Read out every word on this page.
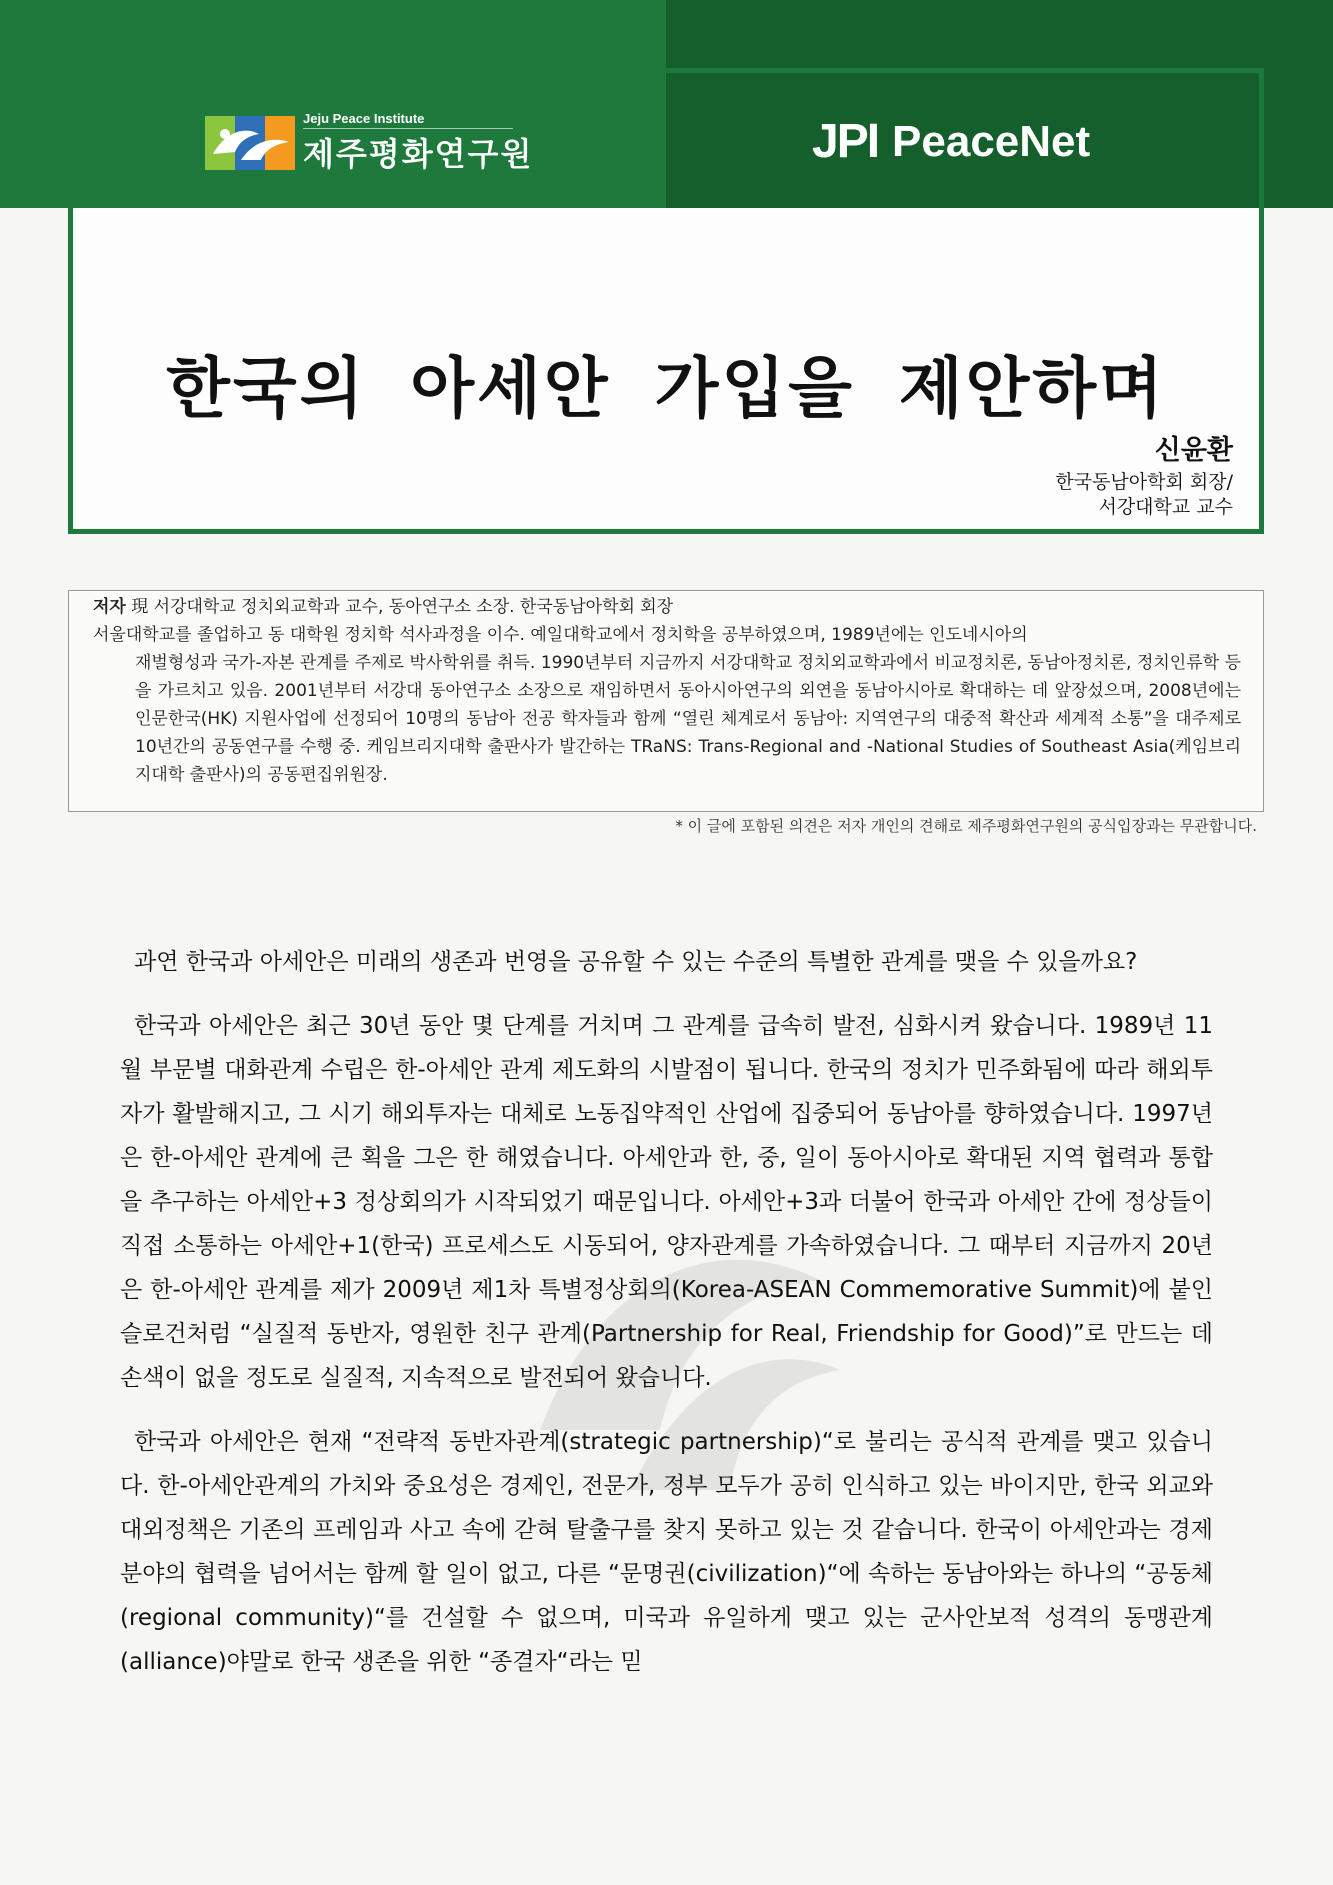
Jeju Peace Institute
제주평화연구원	JPI PeaceNet
한국의 아세안 가입을 제안하며
신윤환
한국동남아학회 회장/
서강대학교 교수
저자 現 서강대학교 정치외교학과 교수, 동아연구소 소장. 한국동남아학회 회장
서울대학교를 졸업하고 동 대학원 정치학 석사과정을 이수. 예일대학교에서 정치학을 공부하였으며, 1989년에는 인도네시아의
재벌형성과 국가-자본 관계를 주제로 박사학위를 취득. 1990년부터 지금까지 서강대학교 정치외교학과에서 비교정치론, 동남아정치론, 정치인류학 등을 가르치고 있음. 2001년부터 서강대 동아연구소 소장으로 재임하면서 동아시아연구의 외연을 동남아시아로 확대하는 데 앞장섰으며, 2008년에는 인문한국(HK) 지원사업에 선정되어 10명의 동남아 전공 학자들과 함께 “열린 체계로서 동남아: 지역연구의 대중적 확산과 세계적 소통”을 대주제로 10년간의 공동연구를 수행 중. 케임브리지대학 출판사가 발간하는 TRaNS: Trans-Regional and -National Studies of Southeast Asia(케임브리지대학 출판사)의 공동편집위원장.
* 이 글에 포함된 의견은 저자 개인의 견해로 제주평화연구원의 공식입장과는 무관합니다.

과연 한국과 아세안은 미래의 생존과 번영을 공유할 수 있는 수준의 특별한 관계를 맺을 수 있을까요?

한국과 아세안은 최근 30년 동안 몇 단계를 거치며 그 관계를 급속히 발전, 심화시켜 왔습니다. 1989년 11월 부문별 대화관계 수립은 한-아세안 관계 제도화의 시발점이 됩니다. 한국의 정치가 민주화됨에 따라 해외투자가 활발해지고, 그 시기 해외투자는 대체로 노동집약적인 산업에 집중되어 동남아를 향하였습니다. 1997년은 한-아세안 관계에 큰 획을 그은 한 해였습니다. 아세안과 한, 중, 일이 동아시아로 확대된 지역 협력과 통합을 추구하는 아세안+3 정상회의가 시작되었기 때문입니다. 아세안+3과 더불어 한국과 아세안 간에 정상들이 직접 소통하는 아세안+1(한국) 프로세스도 시동되어, 양자관계를 가속하였습니다. 그 때부터 지금까지 20년은 한-아세안 관계를 제가 2009년 제1차 특별정상회의(Korea-ASEAN Commemorative Summit)에 붙인 슬로건처럼 “실질적 동반자, 영원한 친구 관계(Partnership for Real, Friendship for Good)”로 만드는 데 손색이 없을 정도로 실질적, 지속적으로 발전되어 왔습니다.

한국과 아세안은 현재 “전략적 동반자관계(strategic partnership)“로 불리는 공식적 관계를 맺고 있습니다. 한-아세안관계의 가치와 중요성은 경제인, 전문가, 정부 모두가 공히 인식하고 있는 바이지만, 한국 외교와 대외정책은 기존의 프레임과 사고 속에 갇혀 탈출구를 찾지 못하고 있는 것 같습니다. 한국이 아세안과는 경제 분야의 협력을 넘어서는 함께 할 일이 없고, 다른 “문명권(civilization)“에 속하는 동남아와는 하나의 “공동체(regional community)“를 건설할 수 없으며, 미국과 유일하게 맺고 있는 군사안보적 성격의 동맹관계(alliance)야말로 한국 생존을 위한 “종결자“라는 믿
